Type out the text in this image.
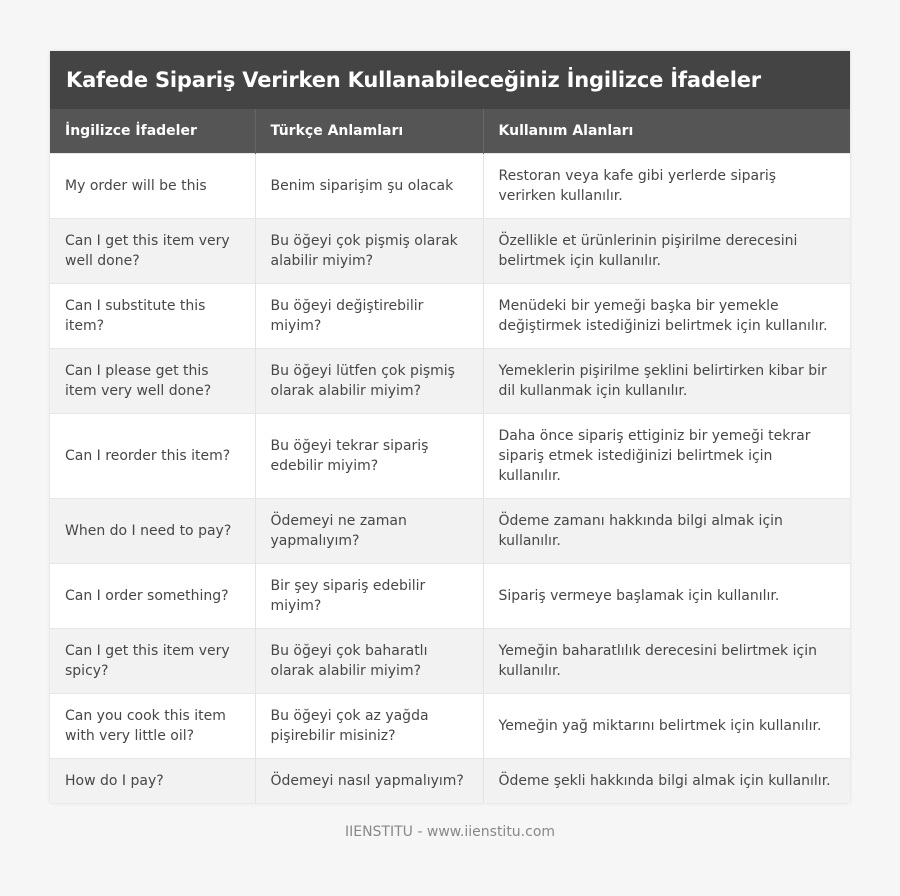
Kafede Sipariş Verirken Kullanabileceğiniz İngilizce İfadeler
İngilizce İfadeler	Türkçe Anlamları	Kullanım Alanları
My order will be this	Benim siparişim şu olacak	Restoran veya kafe gibi yerlerde sipariş verirken kullanılır.
Can I get this item very well done?	Bu öğeyi çok pişmiş olarak alabilir miyim?	Özellikle et ürünlerinin pişirilme derecesini belirtmek için kullanılır.
Can I substitute this item?	Bu öğeyi değiştirebilir miyim?	Menüdeki bir yemeği başka bir yemekle değiştirmek istediğinizi belirtmek için kullanılır.
Can I please get this item very well done?	Bu öğeyi lütfen çok pişmiş olarak alabilir miyim?	Yemeklerin pişirilme şeklini belirtirken kibar bir dil kullanmak için kullanılır.
Can I reorder this item?	Bu öğeyi tekrar sipariş edebilir miyim?	Daha önce sipariş ettiginiz bir yemeği tekrar sipariş etmek istediğinizi belirtmek için kullanılır.
When do I need to pay?	Ödemeyi ne zaman yapmalıyım?	Ödeme zamanı hakkında bilgi almak için kullanılır.
Can I order something?	Bir şey sipariş edebilir miyim?	Sipariş vermeye başlamak için kullanılır.
Can I get this item very spicy?	Bu öğeyi çok baharatlı olarak alabilir miyim?	Yemeğin baharatlılık derecesini belirtmek için kullanılır.
Can you cook this item with very little oil?	Bu öğeyi çok az yağda pişirebilir misiniz?	Yemeğin yağ miktarını belirtmek için kullanılır.
How do I pay?	Ödemeyi nasıl yapmalıyım?	Ödeme şekli hakkında bilgi almak için kullanılır.
IIENSTITU - www.iienstitu.com
